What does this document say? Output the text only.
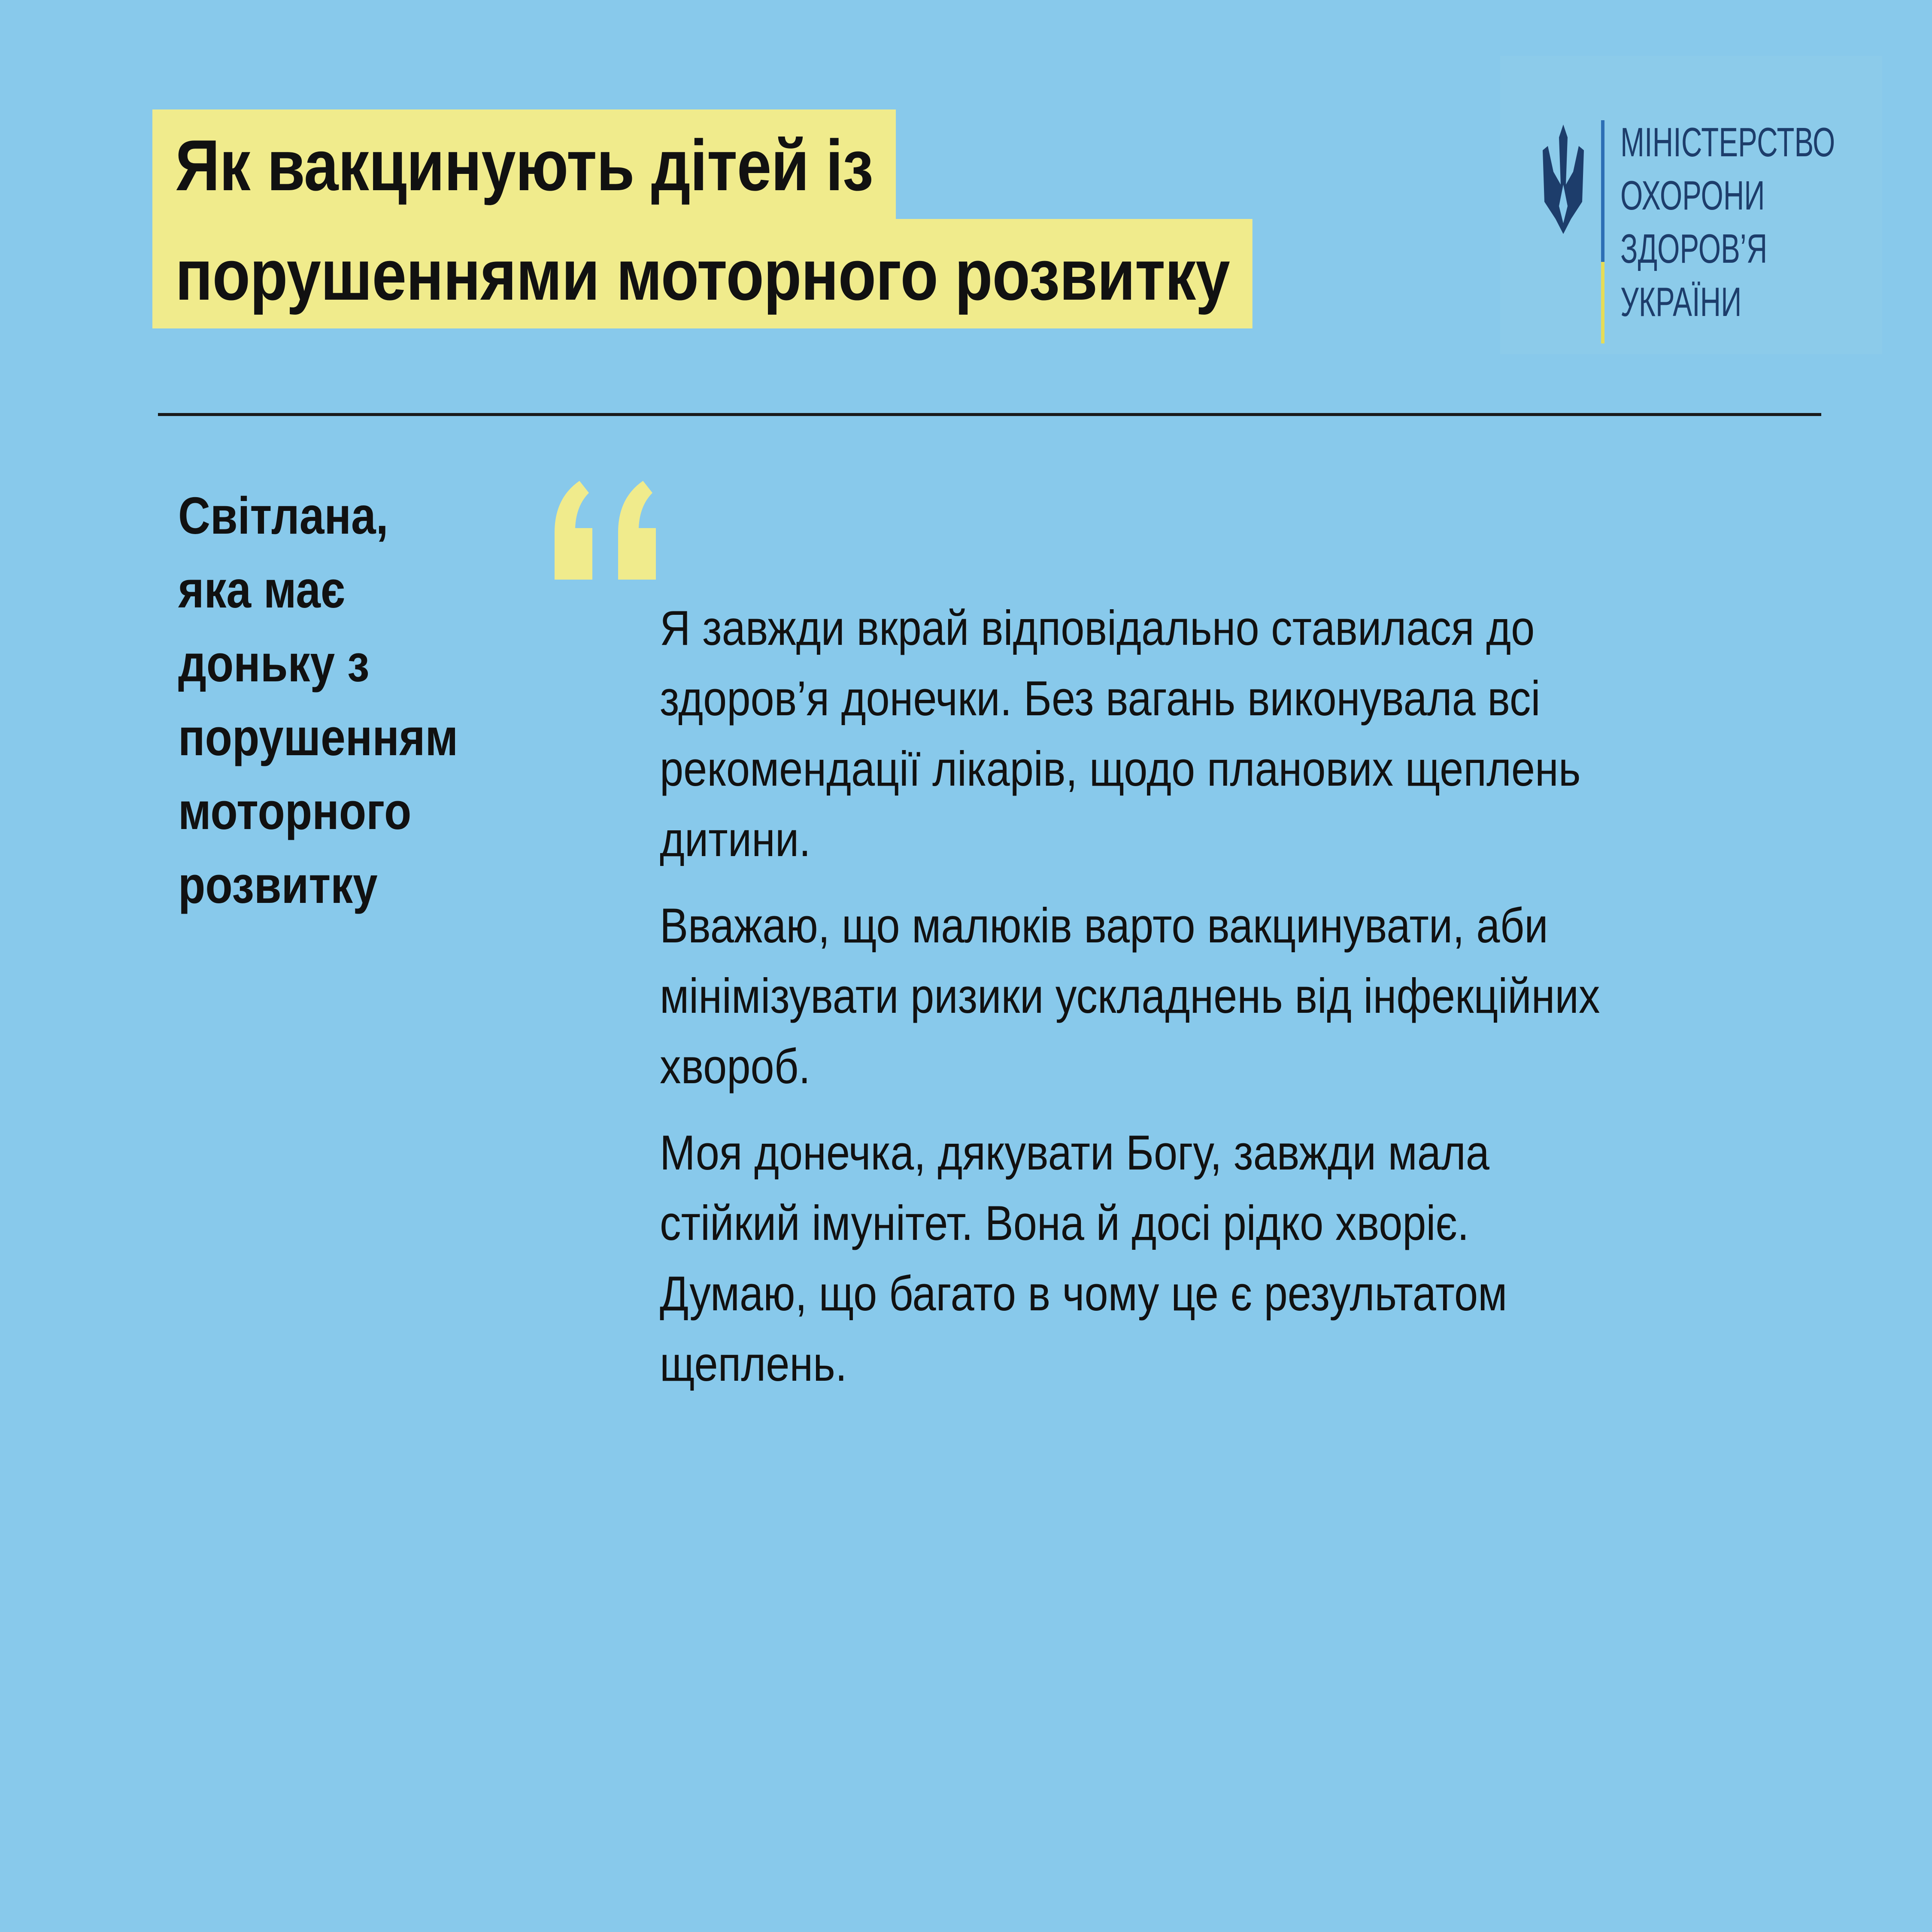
Як вакцинують дітей із
порушеннями моторного розвитку
МІНІСТЕРСТВО
ОХОРОНИ
ЗДОРОВ’Я
УКРАЇНИ
Світлана,
яка має
доньку з
порушенням
моторного
розвитку
Я завжди вкрай відповідально ставилася до
здоров’я донечки. Без вагань виконувала всі
рекомендації лікарів, щодо планових щеплень
дитини.
Вважаю, що малюків варто вакцинувати, аби
мінімізувати ризики ускладнень від інфекційних
хвороб.
Моя донечка, дякувати Богу, завжди мала
стійкий імунітет. Вона й досі рідко хворіє.
Думаю, що багато в чому це є результатом
щеплень.
